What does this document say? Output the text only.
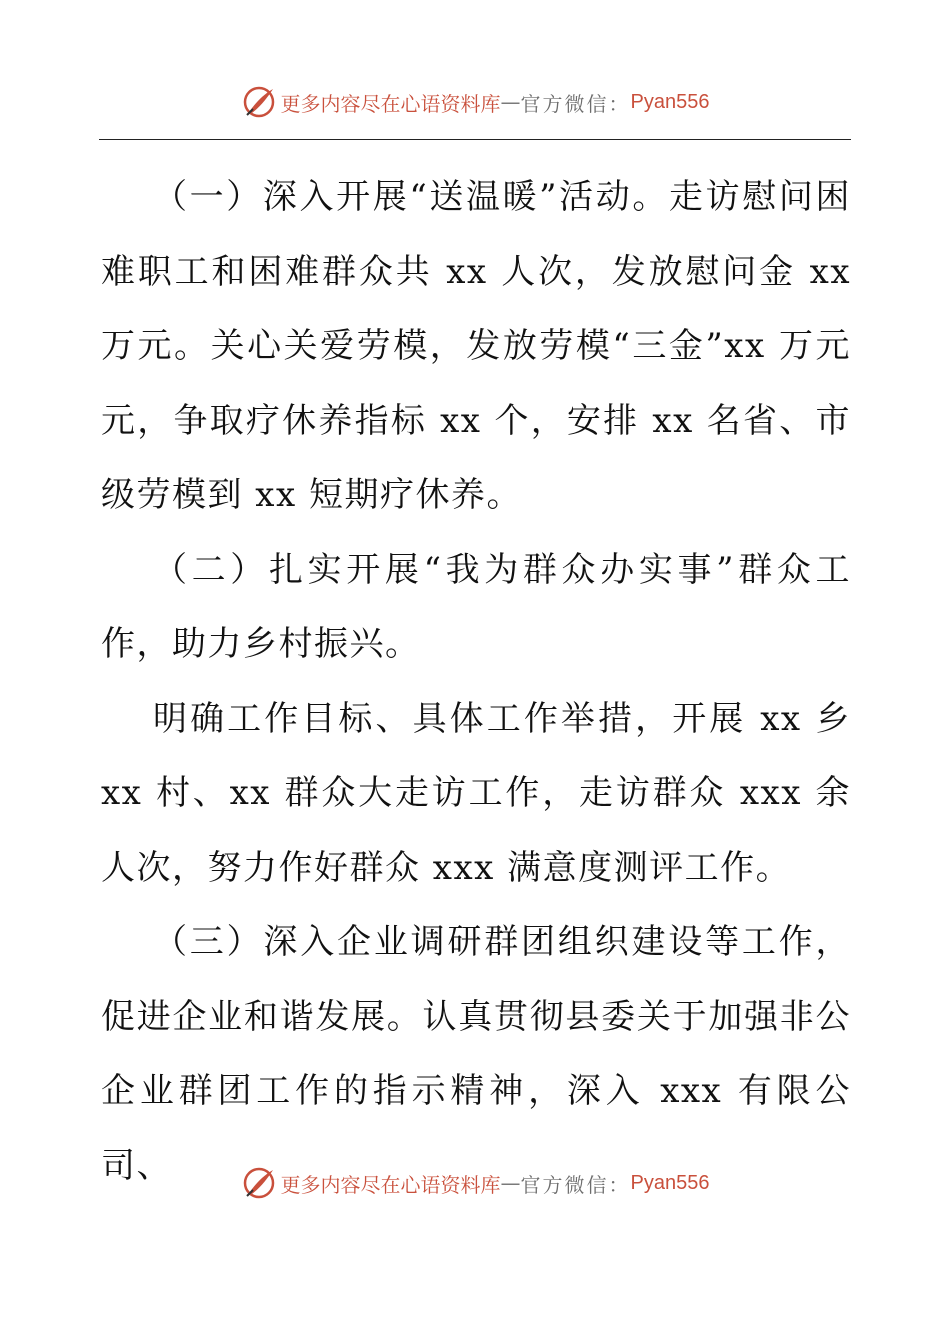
更多内容尽在心语资料库 — 官方微信： Pyan556

（一）深入开展“送温暖”活动。走访慰问困难职工和困难群众共 xx 人次，发放慰问金 xx 万元。关心关爱劳模，发放劳模“三金”xx 万元元，争取疗休养指标 xx 个，安排 xx 名省、市级劳模到 xx 短期疗休养。

（二）扎实开展“我为群众办实事”群众工作，助力乡村振兴。

明确工作目标、具体工作举措，开展 xx 乡 xx 村、xx 群众大走访工作，走访群众 xxx 余人次，努力作好群众 xxx 满意度测评工作。

（三）深入企业调研群团组织建设等工作，促进企业和谐发展。认真贯彻县委关于加强非公企业群团工作的指示精神，深入 xxx 有限公司、	更多内容尽在心语资料库 — 官方微信： Pyan556
